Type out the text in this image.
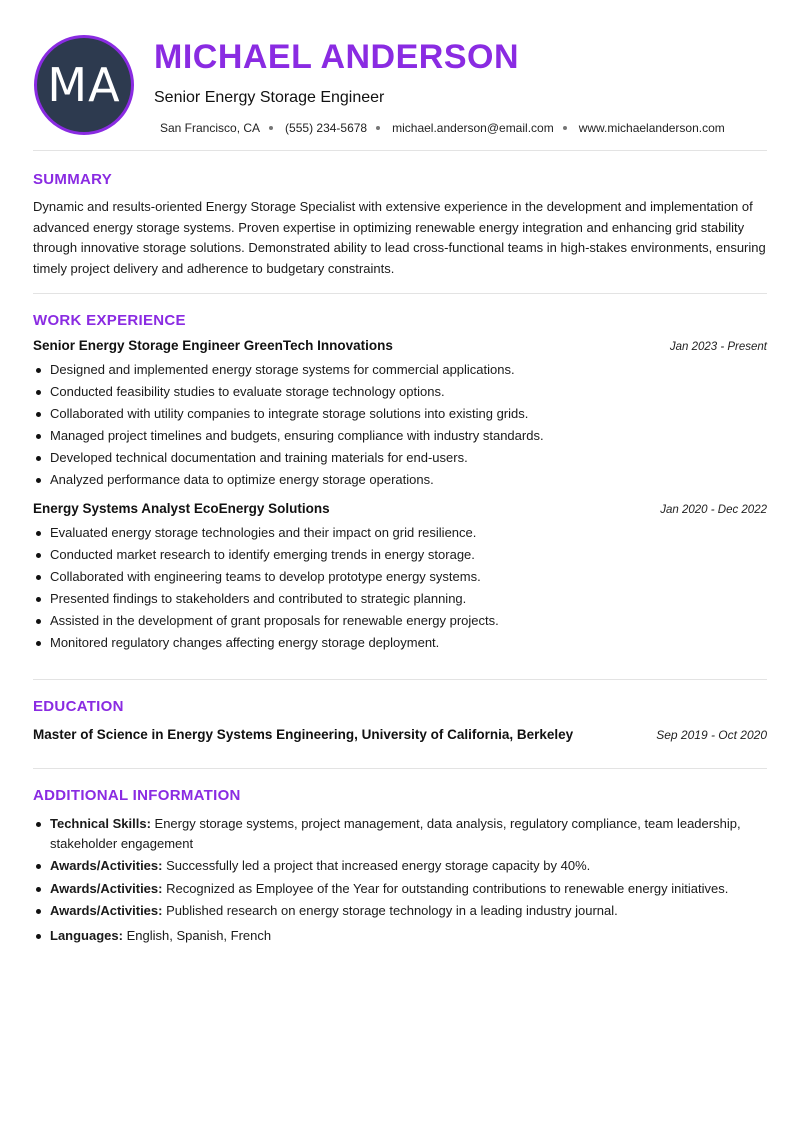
MA
MICHAEL ANDERSON
Senior Energy Storage Engineer
San Francisco, CA (555) 234-5678 michael.anderson@email.com www.michaelanderson.com
SUMMARY
Dynamic and results-oriented Energy Storage Specialist with extensive experience in the development and implementation of advanced energy storage systems. Proven expertise in optimizing renewable energy integration and enhancing grid stability through innovative storage solutions. Demonstrated ability to lead cross-functional teams in high-stakes environments, ensuring timely project delivery and adherence to budgetary constraints.
WORK EXPERIENCE
Senior Energy Storage Engineer GreenTech Innovations	Jan 2023 - Present
Designed and implemented energy storage systems for commercial applications.
Conducted feasibility studies to evaluate storage technology options.
Collaborated with utility companies to integrate storage solutions into existing grids.
Managed project timelines and budgets, ensuring compliance with industry standards.
Developed technical documentation and training materials for end-users.
Analyzed performance data to optimize energy storage operations.
Energy Systems Analyst EcoEnergy Solutions	Jan 2020 - Dec 2022
Evaluated energy storage technologies and their impact on grid resilience.
Conducted market research to identify emerging trends in energy storage.
Collaborated with engineering teams to develop prototype energy systems.
Presented findings to stakeholders and contributed to strategic planning.
Assisted in the development of grant proposals for renewable energy projects.
Monitored regulatory changes affecting energy storage deployment.
EDUCATION
Master of Science in Energy Systems Engineering, University of California, Berkeley	Sep 2019 - Oct 2020
ADDITIONAL INFORMATION
Technical Skills: Energy storage systems, project management, data analysis, regulatory compliance, team leadership, stakeholder engagement
Awards/Activities: Successfully led a project that increased energy storage capacity by 40%.
Awards/Activities: Recognized as Employee of the Year for outstanding contributions to renewable energy initiatives.
Awards/Activities: Published research on energy storage technology in a leading industry journal.
Languages: English, Spanish, French
